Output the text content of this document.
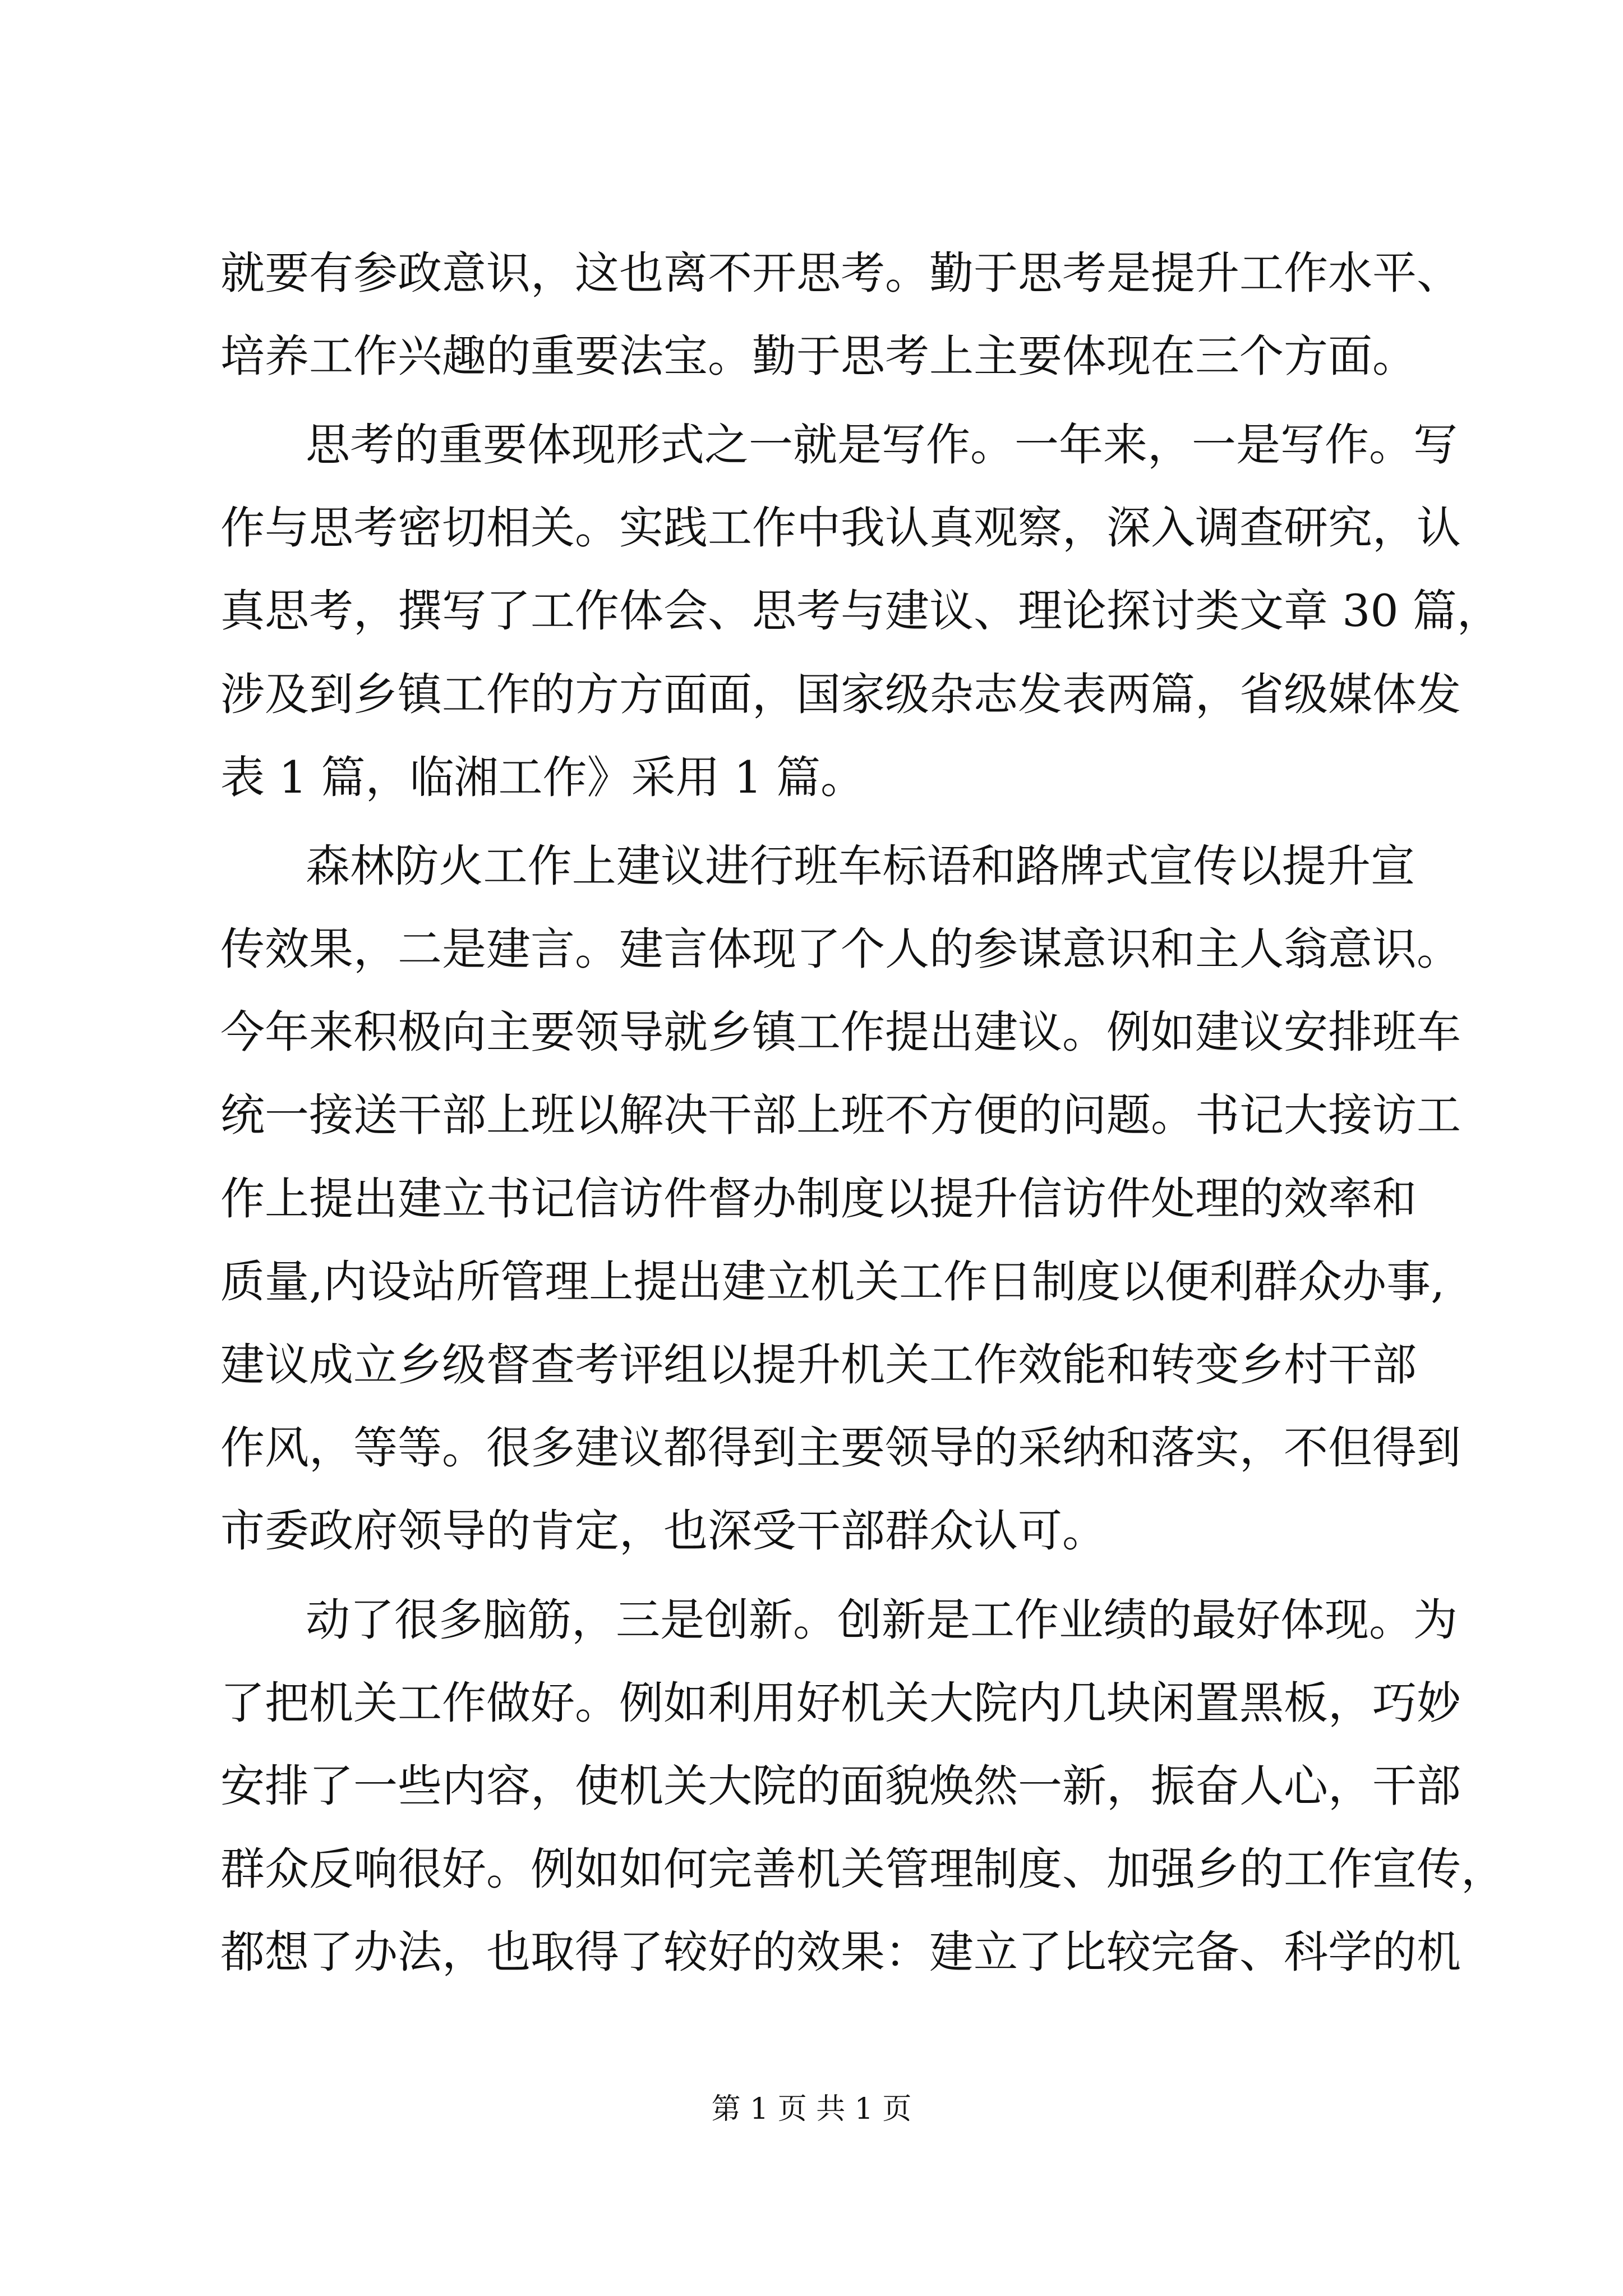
就要有参政意识，这也离不开思考。勤于思考是提升工作水平、
培养工作兴趣的重要法宝。勤于思考上主要体现在三个方面。
思考的重要体现形式之一就是写作。一年来，一是写作。写
作与思考密切相关。实践工作中我认真观察，深入调查研究，认
真思考，撰写了工作体会、思考与建议、理论探讨类文章 30 篇，
涉及到乡镇工作的方方面面，国家级杂志发表两篇，省级媒体发
表 1 篇，临湘工作》采用 1 篇。
森林防火工作上建议进行班车标语和路牌式宣传以提升宣
传效果，二是建言。建言体现了个人的参谋意识和主人翁意识。
今年来积极向主要领导就乡镇工作提出建议。例如建议安排班车
统一接送干部上班以解决干部上班不方便的问题。书记大接访工
作上提出建立书记信访件督办制度以提升信访件处理的效率和
质量,内设站所管理上提出建立机关工作日制度以便利群众办事,
建议成立乡级督查考评组以提升机关工作效能和转变乡村干部
作风，等等。很多建议都得到主要领导的采纳和落实，不但得到
市委政府领导的肯定，也深受干部群众认可。
动了很多脑筋，三是创新。创新是工作业绩的最好体现。为
了把机关工作做好。例如利用好机关大院内几块闲置黑板，巧妙
安排了一些内容，使机关大院的面貌焕然一新，振奋人心，干部
群众反响很好。例如如何完善机关管理制度、加强乡的工作宣传，
都想了办法，也取得了较好的效果：建立了比较完备、科学的机
第 1 页 共 1 页
